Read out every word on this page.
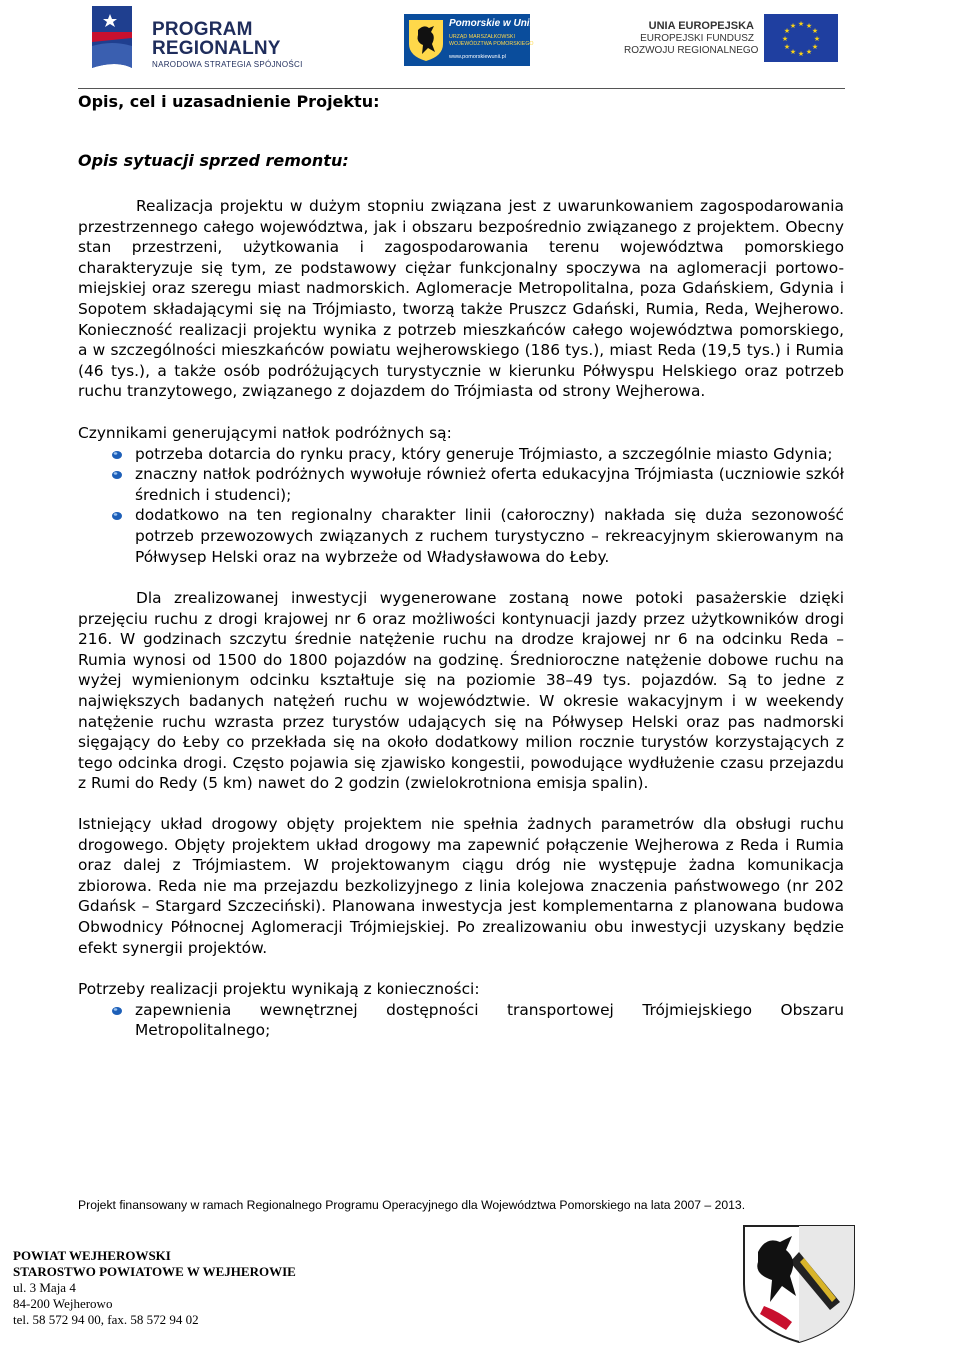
PROGRAM
REGIONALNY
NARODOWA STRATEGIA SPÓJNOŚCI
Pomorskie w Unii
URZĄD MARSZAŁKOWSKI
WOJEWÓDZTWA POMORSKIEGO
www.pomorskiewunii.pl
UNIA EUROPEJSKA
EUROPEJSKI FUNDUSZ
ROZWOJU REGIONALNEGO
★ ★
★
★
★
★
★
★
★
★
★
★

Opis, cel i uzasadnienie Projektu:

Opis sytuacji sprzed remontu:

Realizacja projektu w dużym stopniu związana jest z uwarunkowaniem zagospodarowania przestrzennego całego województwa, jak i obszaru bezpośrednio związanego z projektem. Obecny stan przestrzeni, użytkowania i zagospodarowania terenu województwa pomorskiego charakteryzuje się tym, ze podstawowy ciężar funkcjonalny spoczywa na aglomeracji portowo-miejskiej oraz szeregu miast nadmorskich. Aglomeracje Metropolitalna, poza Gdańskiem, Gdynia i Sopotem składającymi się na Trójmiasto, tworzą także Pruszcz Gdański, Rumia, Reda, Wejherowo. Konieczność realizacji projektu wynika z potrzeb mieszkańców całego województwa pomorskiego, a w szczególności mieszkańców powiatu wejherowskiego (186 tys.), miast Reda (19,5 tys.) i Rumia (46 tys.), a także osób podróżujących turystycznie w kierunku Półwyspu Helskiego oraz potrzeb ruchu tranzytowego, związanego z dojazdem do Trójmiasta od strony Wejherowa.

Czynnikami generującymi natłok podróżnych są:

potrzeba dotarcia do rynku pracy, który generuje Trójmiasto, a szczególnie miasto Gdynia;
znaczny natłok podróżnych wywołuje również oferta edukacyjna Trójmiasta (uczniowie szkół średnich i studenci);
dodatkowo na ten regionalny charakter linii (całoroczny) nakłada się duża sezonowość potrzeb przewozowych związanych z ruchem turystyczno – rekreacyjnym skierowanym na Półwysep Helski oraz na wybrzeże od Władysławowa do Łeby.

Dla zrealizowanej inwestycji wygenerowane zostaną nowe potoki pasażerskie dzięki przejęciu ruchu z drogi krajowej nr 6 oraz możliwości kontynuacji jazdy przez użytkowników drogi 216. W godzinach szczytu średnie natężenie ruchu na drodze krajowej nr 6 na odcinku Reda – Rumia wynosi od 1500 do 1800 pojazdów na godzinę. Średnioroczne natężenie dobowe ruchu na wyżej wymienionym odcinku kształtuje się na poziomie 38–49 tys. pojazdów. Są to jedne z największych badanych natężeń ruchu w województwie. W okresie wakacyjnym i w weekendy natężenie ruchu wzrasta przez turystów udających się na Półwysep Helski oraz pas nadmorski sięgający do Łeby co przekłada się na około dodatkowy milion rocznie turystów korzystających z tego odcinka drogi. Często pojawia się zjawisko kongestii, powodujące wydłużenie czasu przejazdu z Rumi do Redy (5 km) nawet do 2 godzin (zwielokrotniona emisja spalin).

Istniejący układ drogowy objęty projektem nie spełnia żadnych parametrów dla obsługi ruchu drogowego. Objęty projektem układ drogowy ma zapewnić połączenie Wejherowa z Reda i Rumia oraz dalej z Trójmiastem. W projektowanym ciągu dróg nie występuje żadna komunikacja zbiorowa. Reda nie ma przejazdu bezkolizyjnego z linia kolejowa znaczenia państwowego (nr 202 Gdańsk – Stargard Szczeciński). Planowana inwestycja jest komplementarna z planowana budowa Obwodnicy Północnej Aglomeracji Trójmiejskiej. Po zrealizowaniu obu inwestycji uzyskany będzie efekt synergii projektów.

Potrzeby realizacji projektu wynikają z konieczności:

zapewnienia wewnętrznej dostępności transportowej Trójmiejskiego Obszaru Metropolitalnego;
Projekt finansowany w ramach Regionalnego Programu Operacyjnego dla Województwa Pomorskiego na lata 2007 – 2013.
POWIAT WEJHEROWSKI
STAROSTWO POWIATOWE W WEJHEROWIE
ul. 3 Maja 4
84-200 Wejherowo
tel. 58 572 94 00, fax. 58 572 94 02
